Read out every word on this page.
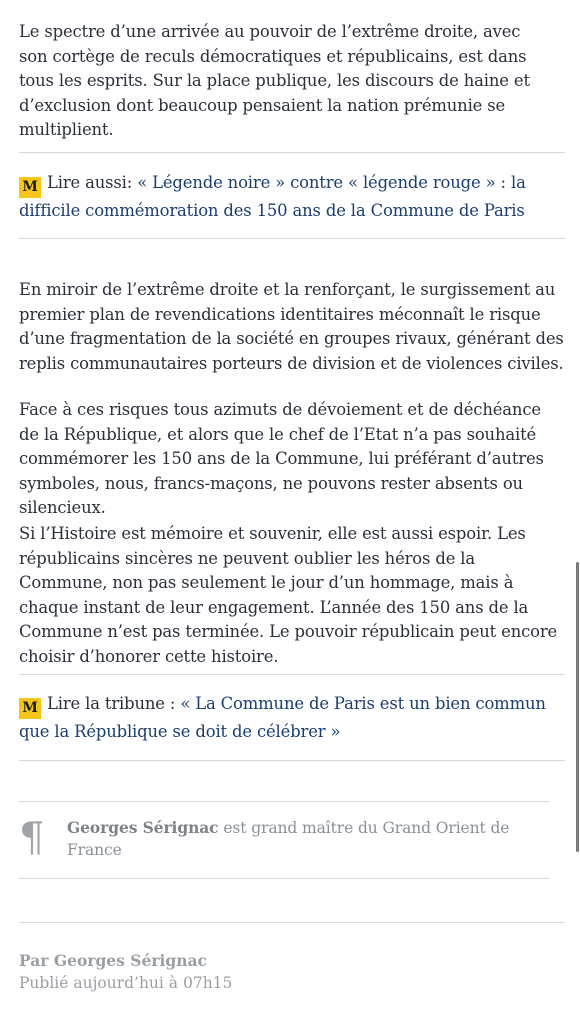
Le spectre d’une arrivée au pouvoir de l’extrême droite, avec son cortège de reculs démocratiques et républicains, est dans tous les esprits. Sur la place publique, les discours de haine et d’exclusion dont beaucoup pensaient la nation prémunie se multiplient.

M Lire aussi: « Légende noire » contre « légende rouge » : la difficile commémoration des 150 ans de la Commune de Paris

En miroir de l’extrême droite et la renforçant, le surgissement au premier plan de revendications identitaires méconnaît le risque d’une fragmentation de la société en groupes rivaux, générant des replis communautaires porteurs de division et de violences civiles.

Face à ces risques tous azimuts de dévoiement et de déchéance de la République, et alors que le chef de l’Etat n’a pas souhaité commémorer les 150 ans de la Commune, lui préférant d’autres symboles, nous, francs-maçons, ne pouvons rester absents ou silencieux.

Si l’Histoire est mémoire et souvenir, elle est aussi espoir. Les républicains sincères ne peuvent oublier les héros de la Commune, non pas seulement le jour d’un hommage, mais à chaque instant de leur engagement. L’année des 150 ans de la Commune n’est pas terminée. Le pouvoir républicain peut encore choisir d’honorer cette histoire.

M Lire la tribune : « La Commune de Paris est un bien commun que la République se doit de célébrer »
¶ Georges Sérignac est grand maître du Grand Orient de France
Par Georges Sérignac
Publié aujourd’hui à 07h15
